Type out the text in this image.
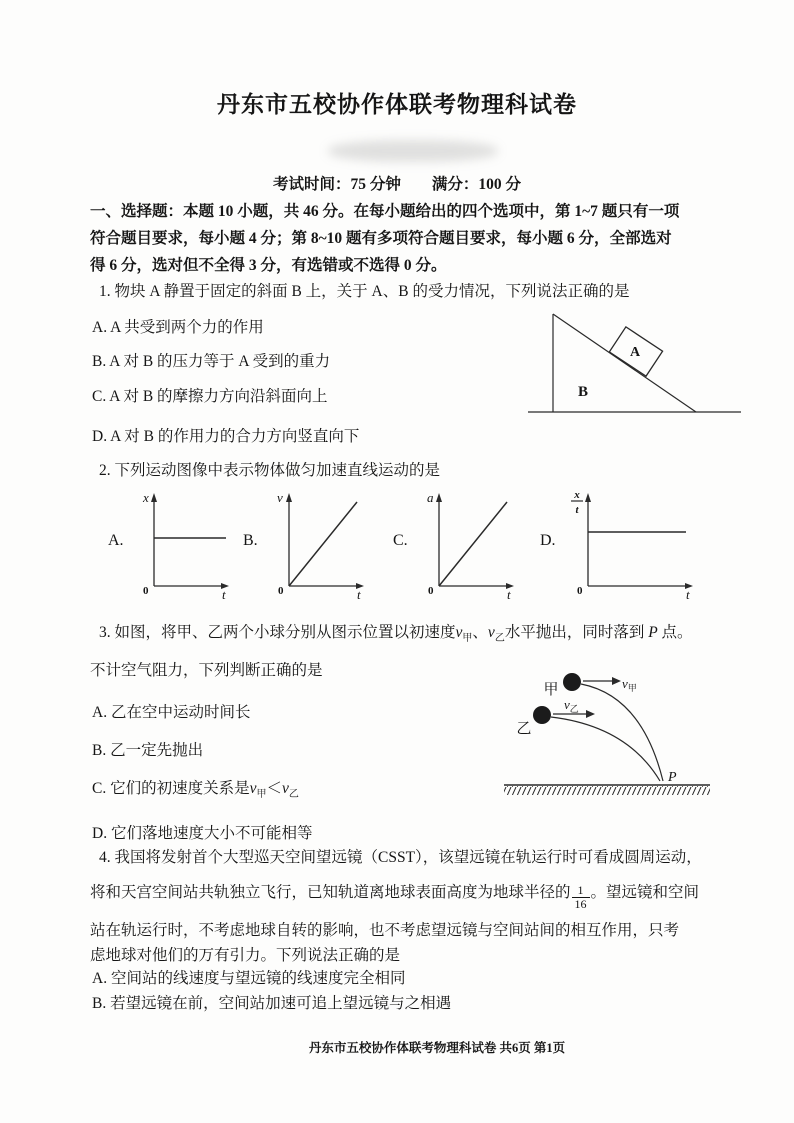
丹东市五校协作体联考物理科试卷
考试时间：75 分钟　　满分：100 分
一、选择题：本题 10 小题，共 46 分。在每小题给出的四个选项中，第 1~7 题只有一项
符合题目要求，每小题 4 分；第 8~10 题有多项符合题目要求，每小题 6 分，全部选对
得 6 分，选对但不全得 3 分，有选错或不选得 0 分。
1. 物块 A 静置于固定的斜面 B 上，关于 A、B 的受力情况，下列说法正确的是
A. A 共受到两个力的作用
B. A 对 B 的压力等于 A 受到的重力
C. A 对 B 的摩擦力方向沿斜面向上
D. A 对 B 的作用力的合力方向竖直向下
A
B
2. 下列运动图像中表示物体做匀加速直线运动的是
A.
x
0	t
B.
v
0	t
C.
a
0	t
D.
x
t
0	t
3. 如图，将甲、乙两个小球分别从图示位置以初速度$v_甲$、$v_乙$水平抛出，同时落到 P 点。
不计空气阻力，下列判断正确的是
A. 乙在空中运动时间长
B. 乙一定先抛出
C. 它们的初速度关系是$v_甲<v_乙$
D. 它们落地速度大小不可能相等
甲
乙
v甲
v乙
P
4. 我国将发射首个大型巡天空间望远镜（CSST），该望远镜在轨运行时可看成圆周运动，
将和天宫空间站共轨独立飞行，已知轨道离地球表面高度为地球半径的 $\frac{1}{16}$ 。望远镜和空间
站在轨运行时，不考虑地球自转的影响，也不考虑望远镜与空间站间的相互作用，只考
虑地球对他们的万有引力。下列说法正确的是
A. 空间站的线速度与望远镜的线速度完全相同
B. 若望远镜在前，空间站加速可追上望远镜与之相遇
丹东市五校协作体联考物理科试卷 共6页 第1页
